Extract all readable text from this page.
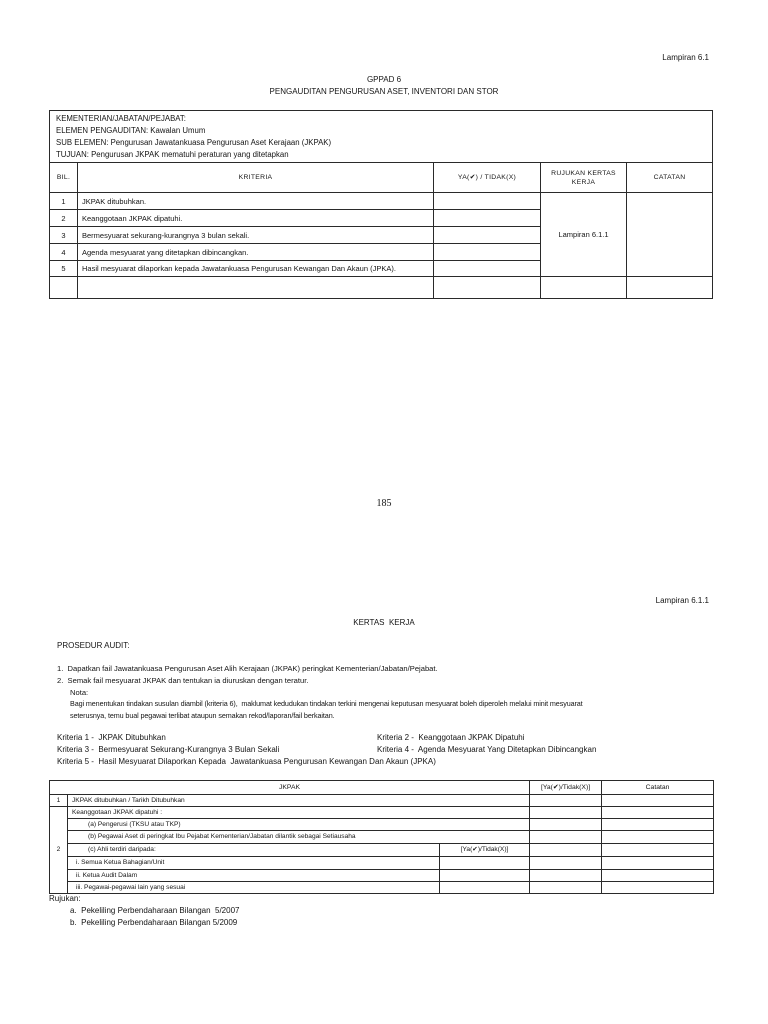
Lampiran 6.1
GPPAD 6
PENGAUDITAN PENGURUSAN ASET, INVENTORI DAN STOR
KEMENTERIAN/JABATAN/PEJABAT:
ELEMEN PENGAUDITAN: Kawalan Umum
SUB ELEMEN: Pengurusan Jawatankuasa Pengurusan Aset Kerajaan (JKPAK)
TUJUAN: Pengurusan JKPAK mematuhi peraturan yang ditetapkan				

BIL.	KRITERIA	YA(✔) / TIDAK(X)	RUJUKAN KERTAS KERJA	CATATAN
1	JKPAK ditubuhkan.		Lampiran 6.1.1	
2	Keanggotaan JKPAK dipatuhi.			
3	Bermesyuarat sekurang-kurangnya 3 bulan sekali.			
4	Agenda mesyuarat yang ditetapkan dibincangkan.			
5	Hasil mesyuarat dilaporkan kepada Jawatankuasa Pengurusan Kewangan Dan Akaun (JPKA).			

185
Lampiran 6.1.1
KERTAS  KERJA
PROSEDUR AUDIT:
1.  Dapatkan fail Jawatankuasa Pengurusan Aset Alih Kerajaan (JKPAK) peringkat Kementerian/Jabatan/Pejabat.
2.  Semak fail mesyuarat JKPAK dan tentukan ia diuruskan dengan teratur.
Nota:
Bagi menentukan tindakan susulan diambil (kriteria 6),  maklumat kedudukan tindakan terkini mengenai keputusan mesyuarat boleh diperoleh melalui minit mesyuarat
seterusnya, temu bual pegawai terlibat ataupun semakan rekod/laporan/fail berkaitan.
Kriteria 1 -  JKPAK Ditubuhkan	Kriteria 2 -  Keanggotaan JKPAK Dipatuhi
Kriteria 3 -  Bermesyuarat Sekurang-Kurangnya 3 Bulan Sekali	Kriteria 4 -  Agenda Mesyuarat Yang Ditetapkan Dibincangkan
Kriteria 5 -  Hasil Mesyuarat Dilaporkan Kepada  Jawatankuasa Pengurusan Kewangan Dan Akaun (JPKA)
JKPAK			[Ya(✔)/Tidak(X)]	Catatan
1	JKPAK ditubuhkan / Tarikh Ditubuhkan			
2	Keanggotaan JKPAK dipatuhi :			
	(a) Pengerusi (TKSU atau TKP)			
	(b) Pegawai Aset di peringkat Ibu Pejabat Kementerian/Jabatan dilantik sebagai Setiausaha			
	(c) Ahli terdiri daripada:	[Ya(✔)/Tidak(X)]		
	i. Semua Ketua Bahagian/Unit			
	ii. Ketua Audit Dalam			
	iii. Pegawai-pegawai lain yang sesuai			
Rujukan:
a.  Pekeliling Perbendaharaan Bilangan  5/2007
b.  Pekeliling Perbendaharaan Bilangan 5/2009
